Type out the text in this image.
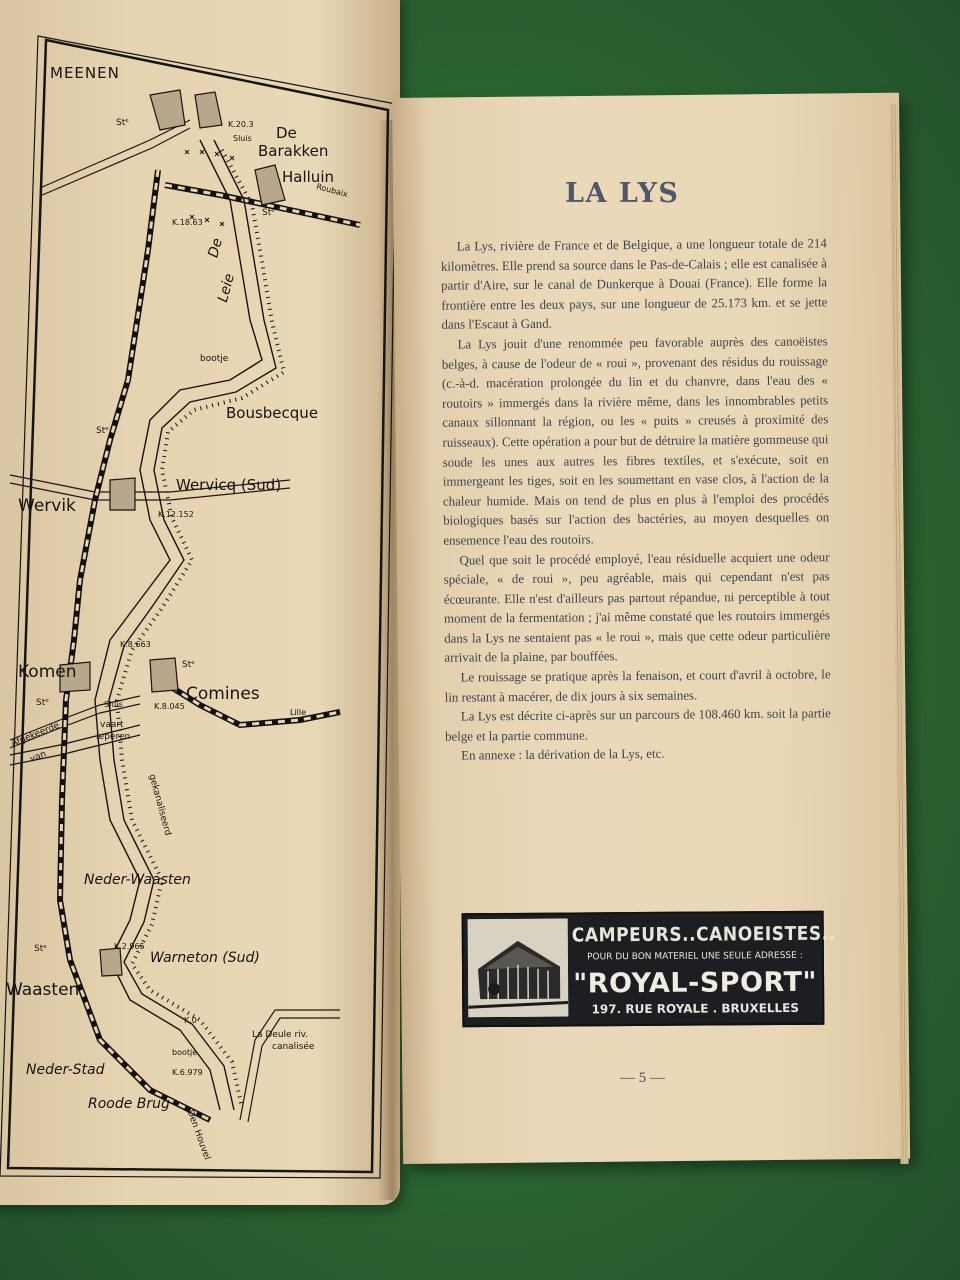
MEENEN
Stᵉ	K.20.3
Sluis De
Barakken
Halluin
Roubaix
Stᵉ
K.18.63
De
Leie
bootje
Bousbecque
Stᵉ
Wervicq (Sud)
Wervik	K.12.152
K.8.663
Stᵉ
Komen
Comines
Stᵉ	Sluis	K.8.045
Lille
vaart
Ieperen
Afgekeerde
van
gekanaliseerd
Neder-Waasten
Stᵉ	K.2.965
Warneton (Sud)
Waasten
K.0
La Deule riv.
canalisée
bootje
Neder-Stad	K.6.979
Roode Brug
Den Houvel
LA LYS

La Lys, rivière de France et de Belgique, a une longueur totale de 214 kilomètres. Elle prend sa source dans le Pas-de-Calais ; elle est canalisée à partir d'Aire, sur le canal de Dunkerque à Douai (France). Elle forme la frontière entre les deux pays, sur une longueur de 25.173 km. et se jette dans l'Escaut à Gand.

La Lys jouit d'une renommée peu favorable auprès des canoëistes belges, à cause de l'odeur de « roui », provenant des résidus du rouissage (c.-à-d. macération prolongée du lin et du chanvre, dans l'eau des « routoirs » immergés dans la rivière même, dans les innombrables petits canaux sillonnant la région, ou les « puits » creusés à proximité des ruisseaux). Cette opération a pour but de détruire la matière gommeuse qui soude les unes aux autres les fibres textiles, et s'exécute, soit en immergeant les tiges, soit en les soumettant en vase clos, à l'action de la chaleur humide. Mais on tend de plus en plus à l'emploi des procédés biologiques basés sur l'action des bactéries, au moyen desquelles on ensemence l'eau des routoirs.

Quel que soit le procédé employé, l'eau résiduelle acquiert une odeur spéciale, « de roui », peu agréable, mais qui cependant n'est pas écœurante. Elle n'est d'ailleurs pas partout répandue, ni perceptible à tout moment de la fermentation ; j'ai même constaté que les routoirs immergés dans la Lys ne sentaient pas « le roui », mais que cette odeur particulière arrivait de la plaine, par bouffées.

Le rouissage se pratique après la fenaison, et court d'avril à octobre, le lin restant à macérer, de dix jours à six semaines.

La Lys est décrite ci-après sur un parcours de 108.460 km. soit la partie belge et la partie commune.

En annexe : la dérivation de la Lys, etc.

CAMPEURS..CANOEISTES..
POUR DU BON MATERIEL UNE SEULE ADRESSE :
"ROYAL-SPORT"
197. RUE ROYALE . BRUXELLES
— 5 —
